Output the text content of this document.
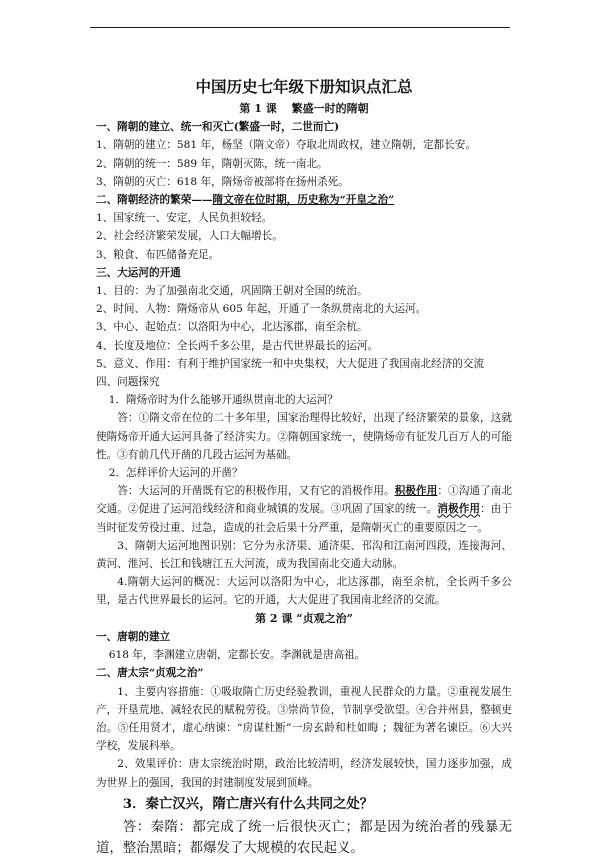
中国历史七年级下册知识点汇总
第 1 课　 繁盛一时的隋朝
一、隋朝的建立、统一和灭亡(繁盛一时，二世而亡)
1、隋朝的建立：581 年，杨坚（隋文帝）夺取北周政权，建立隋朝，定都长安。
2、隋朝的统一：589 年，隋朝灭陈，统一南北。
3、隋朝的灭亡：618 年，隋炀帝被部将在扬州杀死。
二、隋朝经济的繁荣——隋文帝在位时期，历史称为“开皇之治”
1、国家统一、安定，人民负担较轻。
2、社会经济繁荣发展，人口大幅增长。
3、粮食、布匹储备充足。
三、大运河的开通
1、目的：为了加强南北交通，巩固隋王朝对全国的统治。
2、时间、人物：隋炀帝从 605 年起，开通了一条纵贯南北的大运河。
3、中心、起始点：以洛阳为中心，北达涿郡，南至余杭。
4、长度及地位：全长两千多公里，是古代世界最长的运河。
5、意义、作用：有利于维护国家统一和中央集权，大大促进了我国南北经济的交流
四、问题探究
1．隋炀帝时为什么能够开通纵贯南北的大运河？
答：①隋文帝在位的二十多年里，国家治理得比较好，出现了经济繁荣的景象，这就使隋炀帝开通大运河具备了经济实力。②隋朝国家统一，使隋炀帝有征发几百万人的可能性。③有前几代开凿的几段古运河为基础。
2．怎样评价大运河的开凿？
答：大运河的开凿既有它的积极作用，又有它的消极作用。积极作用：①沟通了南北交通。②促进了运河沿线经济和商业城镇的发展。③巩固了国家的统一。消极作用：由于当时征发劳役过重、过急，造成的社会后果十分严重，是隋朝灭亡的重要原因之一。
3、隋朝大运河地图识别：它分为永济渠、通济渠、邗沟和江南河四段，连接海河、黄河、淮河、长江和钱塘江五大河流，成为我国南北交通大动脉。
4.隋朝大运河的概况：大运河以洛阳为中心，北达涿郡，南至余杭，全长两千多公里，是古代世界最长的运河。它的开通，大大促进了我国南北经济的交流。
第 2 课 “贞观之治”
一、唐朝的建立
618 年，李渊建立唐朝，定都长安。李渊就是唐高祖。
二、唐太宗“贞观之治”
1、主要内容措施：①吸取隋亡历史经验教训，重视人民群众的力量。②重视发展生产，开垦荒地、减轻农民的赋税劳役。③崇尚节俭，节制享受欲望。④合并州县，整顿吏治。⑤任用贤才，虚心纳谏：“房谋杜断”一房玄龄和杜如晦 ；魏征为著名谏臣。⑥大兴学校，发展科举。
2、效果评价：唐太宗统治时期，政治比较清明，经济发展较快，国力逐步加强，成为世界上的强国，我国的封建制度发展到顶峰。
3．秦亡汉兴，隋亡唐兴有什么共同之处？
答：秦隋：都完成了统一后很快灭亡；都是因为统治者的残暴无道，整治黑暗；都爆发了大规模的农民起义。
